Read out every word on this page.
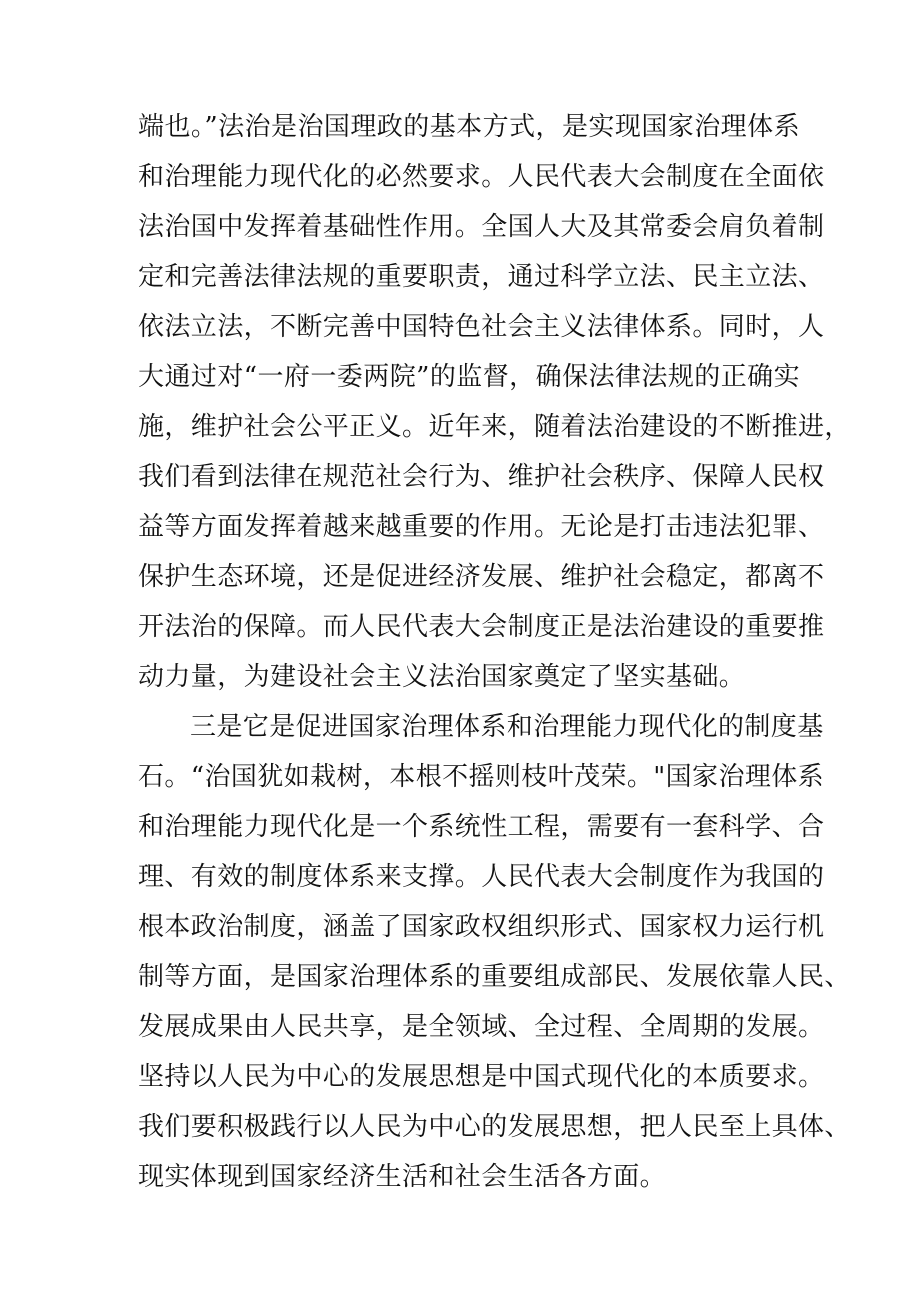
端也。”法治是治国理政的基本方式，是实现国家治理体系
和治理能力现代化的必然要求。人民代表大会制度在全面依
法治国中发挥着基础性作用。全国人大及其常委会肩负着制
定和完善法律法规的重要职责，通过科学立法、民主立法、
依法立法，不断完善中国特色社会主义法律体系。同时，人
大通过对“一府一委两院”的监督，确保法律法规的正确实
施，维护社会公平正义。近年来，随着法治建设的不断推进，
我们看到法律在规范社会行为、维护社会秩序、保障人民权
益等方面发挥着越来越重要的作用。无论是打击违法犯罪、
保护生态环境，还是促进经济发展、维护社会稳定，都离不
开法治的保障。而人民代表大会制度正是法治建设的重要推
动力量，为建设社会主义法治国家奠定了坚实基础。

三是它是促进国家治理体系和治理能力现代化的制度基
石。“治国犹如栽树，本根不摇则枝叶茂荣。"国家治理体系
和治理能力现代化是一个系统性工程，需要有一套科学、合
理、有效的制度体系来支撑。人民代表大会制度作为我国的
根本政治制度，涵盖了国家政权组织形式、国家权力运行机
制等方面，是国家治理体系的重要组成部民、发展依靠人民、
发展成果由人民共享，是全领域、全过程、全周期的发展。
坚持以人民为中心的发展思想是中国式现代化的本质要求。
我们要积极践行以人民为中心的发展思想，把人民至上具体、
现实体现到国家经济生活和社会生活各方面。
